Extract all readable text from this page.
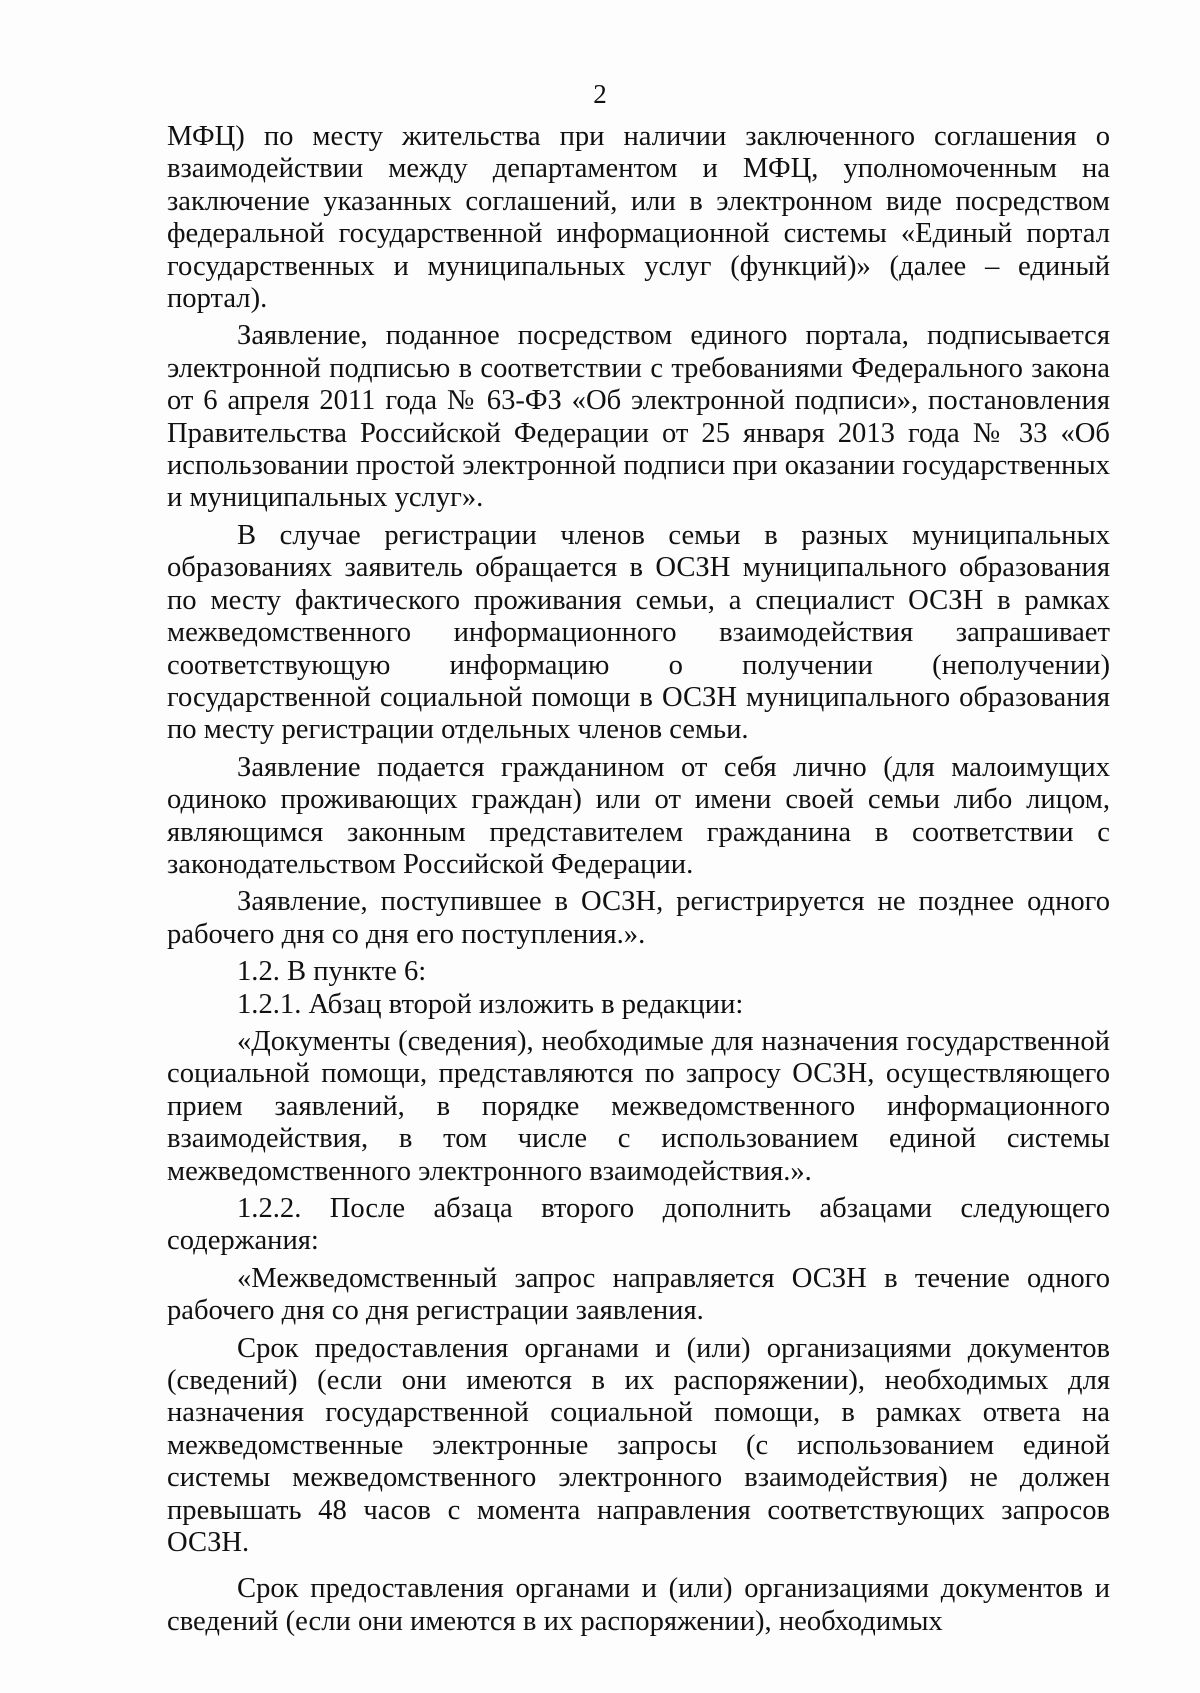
2

МФЦ) по месту жительства при наличии заключенного соглашения о взаимодействии между департаментом и МФЦ, уполномоченным на заключение указанных соглашений, или в электронном виде посредством федеральной государственной информационной системы «Единый портал государственных и муниципальных услуг (функций)» (далее – единый портал).

Заявление, поданное посредством единого портала, подписывается электронной подписью в соответствии с требованиями Федерального закона от 6 апреля 2011 года № 63-ФЗ «Об электронной подписи», постановления Правительства Российской Федерации от 25 января 2013 года № 33 «Об использовании простой электронной подписи при оказании государственных и муниципальных услуг».

В случае регистрации членов семьи в разных муниципальных образованиях заявитель обращается в ОСЗН муниципального образования по месту фактического проживания семьи, а специалист ОСЗН в рамках межведомственного информационного взаимодействия запрашивает соответствующую информацию о получении (неполучении) государственной социальной помощи в ОСЗН муниципального образования по месту регистрации отдельных членов семьи.

Заявление подается гражданином от себя лично (для малоимущих одиноко проживающих граждан) или от имени своей семьи либо лицом, являющимся законным представителем гражданина в соответствии с законодательством Российской Федерации.

Заявление, поступившее в ОСЗН, регистрируется не позднее одного рабочего дня со дня его поступления.».

1.2. В пункте 6:

1.2.1. Абзац второй изложить в редакции:

«Документы (сведения), необходимые для назначения государственной социальной помощи, представляются по запросу ОСЗН, осуществляющего прием заявлений, в порядке межведомственного информационного взаимодействия, в том числе с использованием единой системы межведомственного электронного взаимодействия.».

1.2.2. После абзаца второго дополнить абзацами следующего содержания:

«Межведомственный запрос направляется ОСЗН в течение одного рабочего дня со дня регистрации заявления.

Срок предоставления органами и (или) организациями документов (сведений) (если они имеются в их распоряжении), необходимых для назначения государственной социальной помощи, в рамках ответа на межведомственные электронные запросы (с использованием единой системы межведомственного электронного взаимодействия) не должен превышать 48 часов с момента направления соответствующих запросов ОСЗН.

Срок предоставления органами и (или) организациями документов и сведений (если они имеются в их распоряжении), необходимых
